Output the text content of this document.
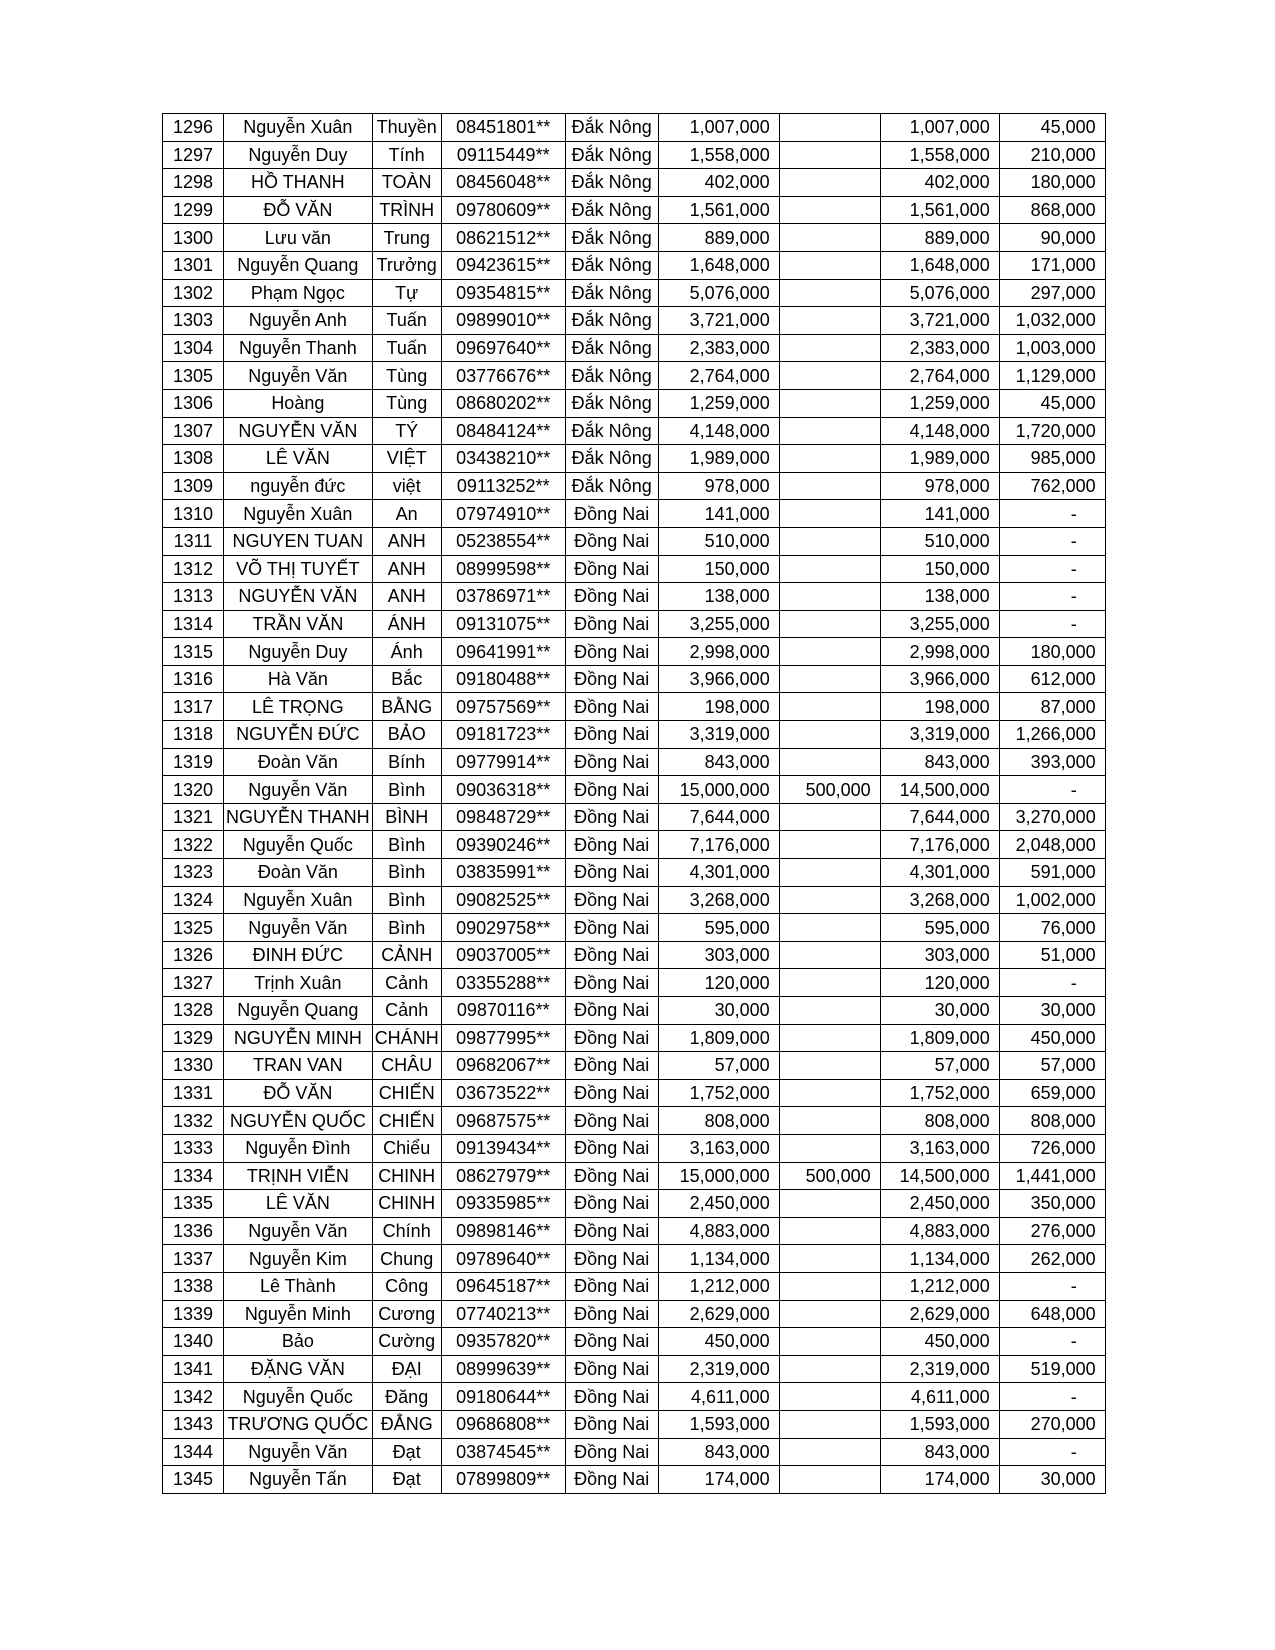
1296	Nguyễn Xuân	Thuyền	08451801**	Đắk Nông	1,007,000		1,007,000	45,000
1297	Nguyễn Duy	Tính	09115449**	Đắk Nông	1,558,000		1,558,000	210,000
1298	HỒ THANH	TOÀN	08456048**	Đắk Nông	402,000		402,000	180,000
1299	ĐỖ VĂN	TRÌNH	09780609**	Đắk Nông	1,561,000		1,561,000	868,000
1300	Lưu văn	Trung	08621512**	Đắk Nông	889,000		889,000	90,000
1301	Nguyễn Quang	Trưởng	09423615**	Đắk Nông	1,648,000		1,648,000	171,000
1302	Phạm Ngọc	Tự	09354815**	Đắk Nông	5,076,000		5,076,000	297,000
1303	Nguyễn Anh	Tuấn	09899010**	Đắk Nông	3,721,000		3,721,000	1,032,000
1304	Nguyễn Thanh	Tuấn	09697640**	Đắk Nông	2,383,000		2,383,000	1,003,000
1305	Nguyễn Văn	Tùng	03776676**	Đắk Nông	2,764,000		2,764,000	1,129,000
1306	Hoàng	Tùng	08680202**	Đắk Nông	1,259,000		1,259,000	45,000
1307	NGUYỄN VĂN	TÝ	08484124**	Đắk Nông	4,148,000		4,148,000	1,720,000
1308	LÊ VĂN	VIỆT	03438210**	Đắk Nông	1,989,000		1,989,000	985,000
1309	nguyễn đức	việt	09113252**	Đắk Nông	978,000		978,000	762,000
1310	Nguyễn Xuân	An	07974910**	Đồng Nai	141,000		141,000	-
1311	NGUYEN TUAN	ANH	05238554**	Đồng Nai	510,000		510,000	-
1312	VÕ THỊ TUYẾT	ANH	08999598**	Đồng Nai	150,000		150,000	-
1313	NGUYỄN VĂN	ANH	03786971**	Đồng Nai	138,000		138,000	-
1314	TRẦN VĂN	ÁNH	09131075**	Đồng Nai	3,255,000		3,255,000	-
1315	Nguyễn Duy	Ánh	09641991**	Đồng Nai	2,998,000		2,998,000	180,000
1316	Hà Văn	Bắc	09180488**	Đồng Nai	3,966,000		3,966,000	612,000
1317	LÊ TRỌNG	BẰNG	09757569**	Đồng Nai	198,000		198,000	87,000
1318	NGUYỄN ĐỨC	BẢO	09181723**	Đồng Nai	3,319,000		3,319,000	1,266,000
1319	Đoàn Văn	Bính	09779914**	Đồng Nai	843,000		843,000	393,000
1320	Nguyễn Văn	Bình	09036318**	Đồng Nai	15,000,000	500,000	14,500,000	-
1321	NGUYỄN THANH	BÌNH	09848729**	Đồng Nai	7,644,000		7,644,000	3,270,000
1322	Nguyễn Quốc	Bình	09390246**	Đồng Nai	7,176,000		7,176,000	2,048,000
1323	Đoàn Văn	Bình	03835991**	Đồng Nai	4,301,000		4,301,000	591,000
1324	Nguyễn Xuân	Bình	09082525**	Đồng Nai	3,268,000		3,268,000	1,002,000
1325	Nguyễn Văn	Bình	09029758**	Đồng Nai	595,000		595,000	76,000
1326	ĐINH ĐỨC	CẢNH	09037005**	Đồng Nai	303,000		303,000	51,000
1327	Trịnh Xuân	Cảnh	03355288**	Đồng Nai	120,000		120,000	-
1328	Nguyễn Quang	Cảnh	09870116**	Đồng Nai	30,000		30,000	30,000
1329	NGUYỄN MINH	CHÁNH	09877995**	Đồng Nai	1,809,000		1,809,000	450,000
1330	TRAN VAN	CHÂU	09682067**	Đồng Nai	57,000		57,000	57,000
1331	ĐỖ VĂN	CHIẾN	03673522**	Đồng Nai	1,752,000		1,752,000	659,000
1332	NGUYỄN QUỐC	CHIẾN	09687575**	Đồng Nai	808,000		808,000	808,000
1333	Nguyễn Đình	Chiểu	09139434**	Đồng Nai	3,163,000		3,163,000	726,000
1334	TRỊNH VIỄN	CHINH	08627979**	Đồng Nai	15,000,000	500,000	14,500,000	1,441,000
1335	LÊ VĂN	CHINH	09335985**	Đồng Nai	2,450,000		2,450,000	350,000
1336	Nguyễn Văn	Chính	09898146**	Đồng Nai	4,883,000		4,883,000	276,000
1337	Nguyễn Kim	Chung	09789640**	Đồng Nai	1,134,000		1,134,000	262,000
1338	Lê Thành	Công	09645187**	Đồng Nai	1,212,000		1,212,000	-
1339	Nguyễn Minh	Cương	07740213**	Đồng Nai	2,629,000		2,629,000	648,000
1340	Bảo	Cường	09357820**	Đồng Nai	450,000		450,000	-
1341	ĐẶNG VĂN	ĐẠI	08999639**	Đồng Nai	2,319,000		2,319,000	519,000
1342	Nguyễn Quốc	Đăng	09180644**	Đồng Nai	4,611,000		4,611,000	-
1343	TRƯƠNG QUỐC	ĐẲNG	09686808**	Đồng Nai	1,593,000		1,593,000	270,000
1344	Nguyễn Văn	Đạt	03874545**	Đồng Nai	843,000		843,000	-
1345	Nguyễn Tấn	Đạt	07899809**	Đồng Nai	174,000		174,000	30,000
